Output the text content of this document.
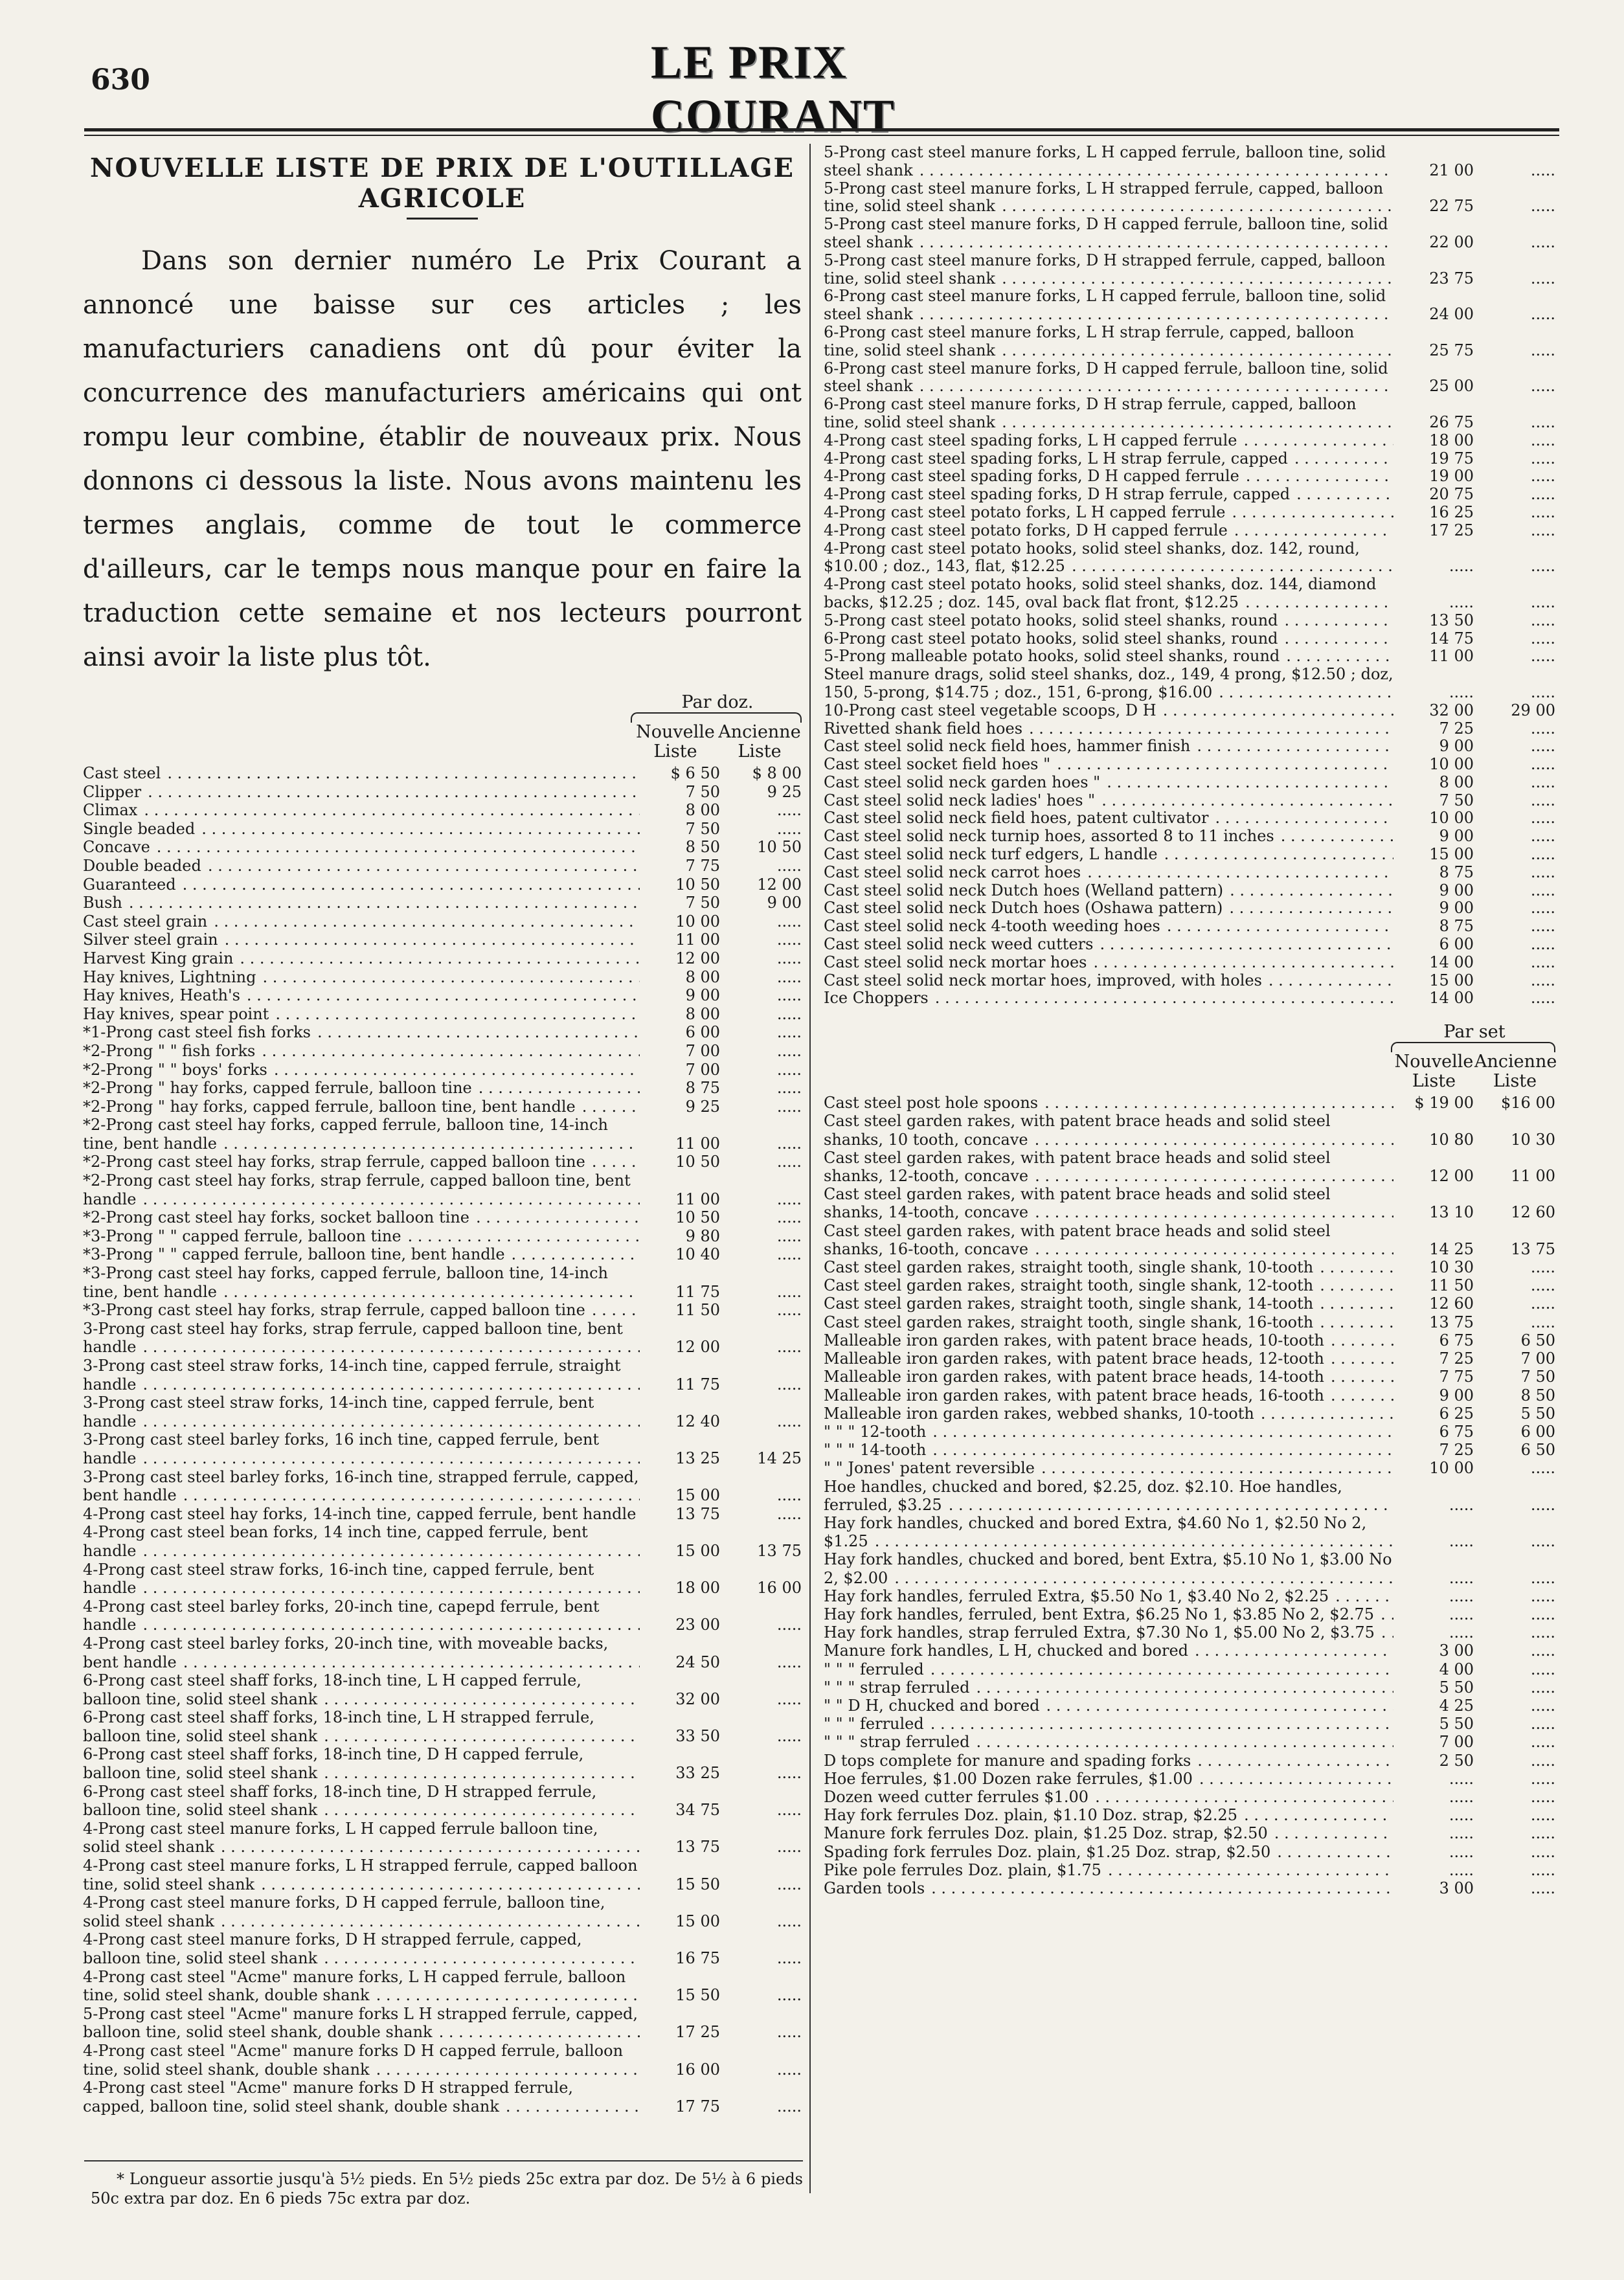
630	LE PRIX COURANT
NOUVELLE LISTE DE PRIX DE L'OUTILLAGE AGRICOLE

Dans son dernier numéro Le Prix Courant a annoncé une baisse sur ces articles ; les manufacturiers canadiens ont dû pour éviter la concurrence des manufacturiers américains qui ont rompu leur combine, établir de nouveaux prix. Nous donnons ci dessous la liste. Nous avons maintenu les termes anglais, comme de tout le commerce d'ailleurs, car le temps nous manque pour en faire la traduction cette semaine et nos lecteurs pourront ainsi avoir la liste plus tôt.

Par doz.
Nouvelle Liste
Ancienne Liste
Cast steel . . .	$ 6 50	$ 8 00
Clipper . . .	7 50	9 25
Climax . . .	8 00	.....
Single beaded . . .	7 50	.....
Concave . . .	8 50	10 50
Double beaded . . .	7 75	.....
Guaranteed . . .	10 50	12 00
Bush . . .	7 50	9 00
Cast steel grain . . .	10 00	.....
Silver steel grain . . .	11 00	.....
Harvest King grain . . .	12 00	.....
Hay knives, Lightning . . .	8 00	.....
Hay knives, Heath's . . .	9 00	.....
Hay knives, spear point . . .	8 00	.....
*1-Prong cast steel fish forks . . .	6 00	.....
*2-Prong " " fish forks . . .	7 00	.....
*2-Prong " " boys' forks . . .	7 00	.....
*2-Prong " hay forks, capped ferrule, balloon tine . . .	8 75	.....
*2-Prong " hay forks, capped ferrule, balloon tine, bent handle . . .	9 25	.....
*2-Prong cast steel hay forks, capped ferrule, balloon tine, 14-inch tine, bent handle . . .	11 00	.....
*2-Prong cast steel hay forks, strap ferrule, capped balloon tine . . .	10 50	.....
*2-Prong cast steel hay forks, strap ferrule, capped balloon tine, bent handle . . .	11 00	.....
*2-Prong cast steel hay forks, socket balloon tine . . .	10 50	.....
*3-Prong " " capped ferrule, balloon tine . . .	9 80	.....
*3-Prong " " capped ferrule, balloon tine, bent handle . . .	10 40	.....
*3-Prong cast steel hay forks, capped ferrule, balloon tine, 14-inch tine, bent handle . . .	11 75	.....
*3-Prong cast steel hay forks, strap ferrule, capped balloon tine . . .	11 50	.....
3-Prong cast steel hay forks, strap ferrule, capped balloon tine, bent handle . . .	12 00	.....
3-Prong cast steel straw forks, 14-inch tine, capped ferrule, straight handle . . .	11 75	.....
3-Prong cast steel straw forks, 14-inch tine, capped ferrule, bent handle . . .	12 40	.....
3-Prong cast steel barley forks, 16 inch tine, capped ferrule, bent handle . . .	13 25	14 25
3-Prong cast steel barley forks, 16-inch tine, strapped ferrule, capped, bent handle . . .	15 00	.....
4-Prong cast steel hay forks, 14-inch tine, capped ferrule, bent handle . . .	13 75	.....
4-Prong cast steel bean forks, 14 inch tine, capped ferrule, bent handle . . .	15 00	13 75
4-Prong cast steel straw forks, 16-inch tine, capped ferrule, bent handle . . .	18 00	16 00
4-Prong cast steel barley forks, 20-inch tine, capepd ferrule, bent handle . . .	23 00	.....
4-Prong cast steel barley forks, 20-inch tine, with moveable backs, bent handle . . .	24 50	.....
6-Prong cast steel shaff forks, 18-inch tine, L H capped ferrule, balloon tine, solid steel shank . . .	32 00	.....
6-Prong cast steel shaff forks, 18-inch tine, L H strapped ferrule, balloon tine, solid steel shank . . .	33 50	.....
6-Prong cast steel shaff forks, 18-inch tine, D H capped ferrule, balloon tine, solid steel shank . . .	33 25	.....
6-Prong cast steel shaff forks, 18-inch tine, D H strapped ferrule, balloon tine, solid steel shank . . .	34 75	.....
4-Prong cast steel manure forks, L H capped ferrule balloon tine, solid steel shank . . .	13 75	.....
4-Prong cast steel manure forks, L H strapped ferrule, capped balloon tine, solid steel shank . . .	15 50	.....
4-Prong cast steel manure forks, D H capped ferrule, balloon tine, solid steel shank . . .	15 00	.....
4-Prong cast steel manure forks, D H strapped ferrule, capped, balloon tine, solid steel shank . . .	16 75	.....
4-Prong cast steel "Acme" manure forks, L H capped ferrule, balloon tine, solid steel shank, double shank . . .	15 50	.....
5-Prong cast steel "Acme" manure forks L H strapped ferrule, capped, balloon tine, solid steel shank, double shank . . .	17 25	.....
4-Prong cast steel "Acme" manure forks D H capped ferrule, balloon tine, solid steel shank, double shank . . .	16 00	.....
4-Prong cast steel "Acme" manure forks D H strapped ferrule, capped, balloon tine, solid steel shank, double shank . . .	17 75	.....
5-Prong cast steel manure forks, L H capped ferrule, balloon tine, solid steel shank . . .	21 00	.....
5-Prong cast steel manure forks, L H strapped ferrule, capped, balloon tine, solid steel shank . . .	22 75	.....
5-Prong cast steel manure forks, D H capped ferrule, balloon tine, solid steel shank . . .	22 00	.....
5-Prong cast steel manure forks, D H strapped ferrule, capped, balloon tine, solid steel shank . . .	23 75	.....
6-Prong cast steel manure forks, L H capped ferrule, balloon tine, solid steel shank . . .	24 00	.....
6-Prong cast steel manure forks, L H strap ferrule, capped, balloon tine, solid steel shank . . .	25 75	.....
6-Prong cast steel manure forks, D H capped ferrule, balloon tine, solid steel shank . . .	25 00	.....
6-Prong cast steel manure forks, D H strap ferrule, capped, balloon tine, solid steel shank . . .	26 75	.....
4-Prong cast steel spading forks, L H capped ferrule . . .	18 00	.....
4-Prong cast steel spading forks, L H strap ferrule, capped . . .	19 75	.....
4-Prong cast steel spading forks, D H capped ferrule . . .	19 00	.....
4-Prong cast steel spading forks, D H strap ferrule, capped . . .	20 75	.....
4-Prong cast steel potato forks, L H capped ferrule . . .	16 25	.....
4-Prong cast steel potato forks, D H capped ferrule . . .	17 25	.....
4-Prong cast steel potato hooks, solid steel shanks, doz. 142, round, $10.00 ; doz., 143, flat, $12.25 . . .	.....	.....
4-Prong cast steel potato hooks, solid steel shanks, doz. 144, diamond backs, $12.25 ; doz. 145, oval back flat front, $12.25 . . .	.....	.....
5-Prong cast steel potato hooks, solid steel shanks, round . . .	13 50	.....
6-Prong cast steel potato hooks, solid steel shanks, round . . .	14 75	.....
5-Prong malleable potato hooks, solid steel shanks, round . . .	11 00	.....
Steel manure drags, solid steel shanks, doz., 149, 4 prong, $12.50 ; doz, 150, 5-prong, $14.75 ; doz., 151, 6-prong, $16.00 . . .	.....	.....
10-Prong cast steel vegetable scoops, D H . . .	32 00	29 00
Rivetted shank field hoes . . .	7 25	.....
Cast steel solid neck field hoes, hammer finish . . .	9 00	.....
Cast steel socket field hoes " . . .	10 00	.....
Cast steel solid neck garden hoes " . . .	8 00	.....
Cast steel solid neck ladies' hoes " . . .	7 50	.....
Cast steel solid neck field hoes, patent cultivator . . .	10 00	.....
Cast steel solid neck turnip hoes, assorted 8 to 11 inches . . .	9 00	.....
Cast steel solid neck turf edgers, L handle . . .	15 00	.....
Cast steel solid neck carrot hoes . . .	8 75	.....
Cast steel solid neck Dutch hoes (Welland pattern) . . .	9 00	.....
Cast steel solid neck Dutch hoes (Oshawa pattern) . . .	9 00	.....
Cast steel solid neck 4-tooth weeding hoes . . .	8 75	.....
Cast steel solid neck weed cutters . . .	6 00	.....
Cast steel solid neck mortar hoes . . .	14 00	.....
Cast steel solid neck mortar hoes, improved, with holes . . .	15 00	.....
Ice Choppers . . .	14 00	.....
Par set
Nouvelle Liste
Ancienne Liste
Cast steel post hole spoons . . .	$ 19 00	$16 00
Cast steel garden rakes, with patent brace heads and solid steel shanks, 10 tooth, concave . . .	10 80	10 30
Cast steel garden rakes, with patent brace heads and solid steel shanks, 12-tooth, concave . . .	12 00	11 00
Cast steel garden rakes, with patent brace heads and solid steel shanks, 14-tooth, concave . . .	13 10	12 60
Cast steel garden rakes, with patent brace heads and solid steel shanks, 16-tooth, concave . . .	14 25	13 75
Cast steel garden rakes, straight tooth, single shank, 10-tooth . . .	10 30	.....
Cast steel garden rakes, straight tooth, single shank, 12-tooth . . .	11 50	.....
Cast steel garden rakes, straight tooth, single shank, 14-tooth . . .	12 60	.....
Cast steel garden rakes, straight tooth, single shank, 16-tooth . . .	13 75	.....
Malleable iron garden rakes, with patent brace heads, 10-tooth . . .	6 75	6 50
Malleable iron garden rakes, with patent brace heads, 12-tooth . . .	7 25	7 00
Malleable iron garden rakes, with patent brace heads, 14-tooth . . .	7 75	7 50
Malleable iron garden rakes, with patent brace heads, 16-tooth . . .	9 00	8 50
Malleable iron garden rakes, webbed shanks, 10-tooth . . .	6 25	5 50
" " " 12-tooth . . .	6 75	6 00
" " " 14-tooth . . .	7 25	6 50
" " Jones' patent reversible . . .	10 00	.....
Hoe handles, chucked and bored, $2.25, doz. $2.10. Hoe handles, ferruled, $3.25 . . .	.....	.....
Hay fork handles, chucked and bored Extra, $4.60 No 1, $2.50 No 2, $1.25 . . .	.....	.....
Hay fork handles, chucked and bored, bent Extra, $5.10 No 1, $3.00 No 2, $2.00 . . .	.....	.....
Hay fork handles, ferruled Extra, $5.50 No 1, $3.40 No 2, $2.25 . . .	.....	.....
Hay fork handles, ferruled, bent Extra, $6.25 No 1, $3.85 No 2, $2.75 . . .	.....	.....
Hay fork handles, strap ferruled Extra, $7.30 No 1, $5.00 No 2, $3.75 . . .	.....	.....
Manure fork handles, L H, chucked and bored . . .	3 00	.....
" " " ferruled . . .	4 00	.....
" " " strap ferruled . . .	5 50	.....
" " D H, chucked and bored . . .	4 25	.....
" " " ferruled . . .	5 50	.....
" " " strap ferruled . . .	7 00	.....
D tops complete for manure and spading forks . . .	2 50	.....
Hoe ferrules, $1.00 Dozen rake ferrules, $1.00 . . .	.....	.....
Dozen weed cutter ferrules $1.00 . . .	.....	.....
Hay fork ferrules Doz. plain, $1.10 Doz. strap, $2.25 . . .	.....	.....
Manure fork ferrules Doz. plain, $1.25 Doz. strap, $2.50 . . .	.....	.....
Spading fork ferrules Doz. plain, $1.25 Doz. strap, $2.50 . . .	.....	.....
Pike pole ferrules Doz. plain, $1.75 . . .	.....	.....
Garden tools . . .	3 00	.....
* Longueur assortie jusqu'à 5½ pieds. En 5½ pieds 25c extra par doz. De 5½ à 6 pieds 50c extra par doz. En 6 pieds 75c extra par doz.
